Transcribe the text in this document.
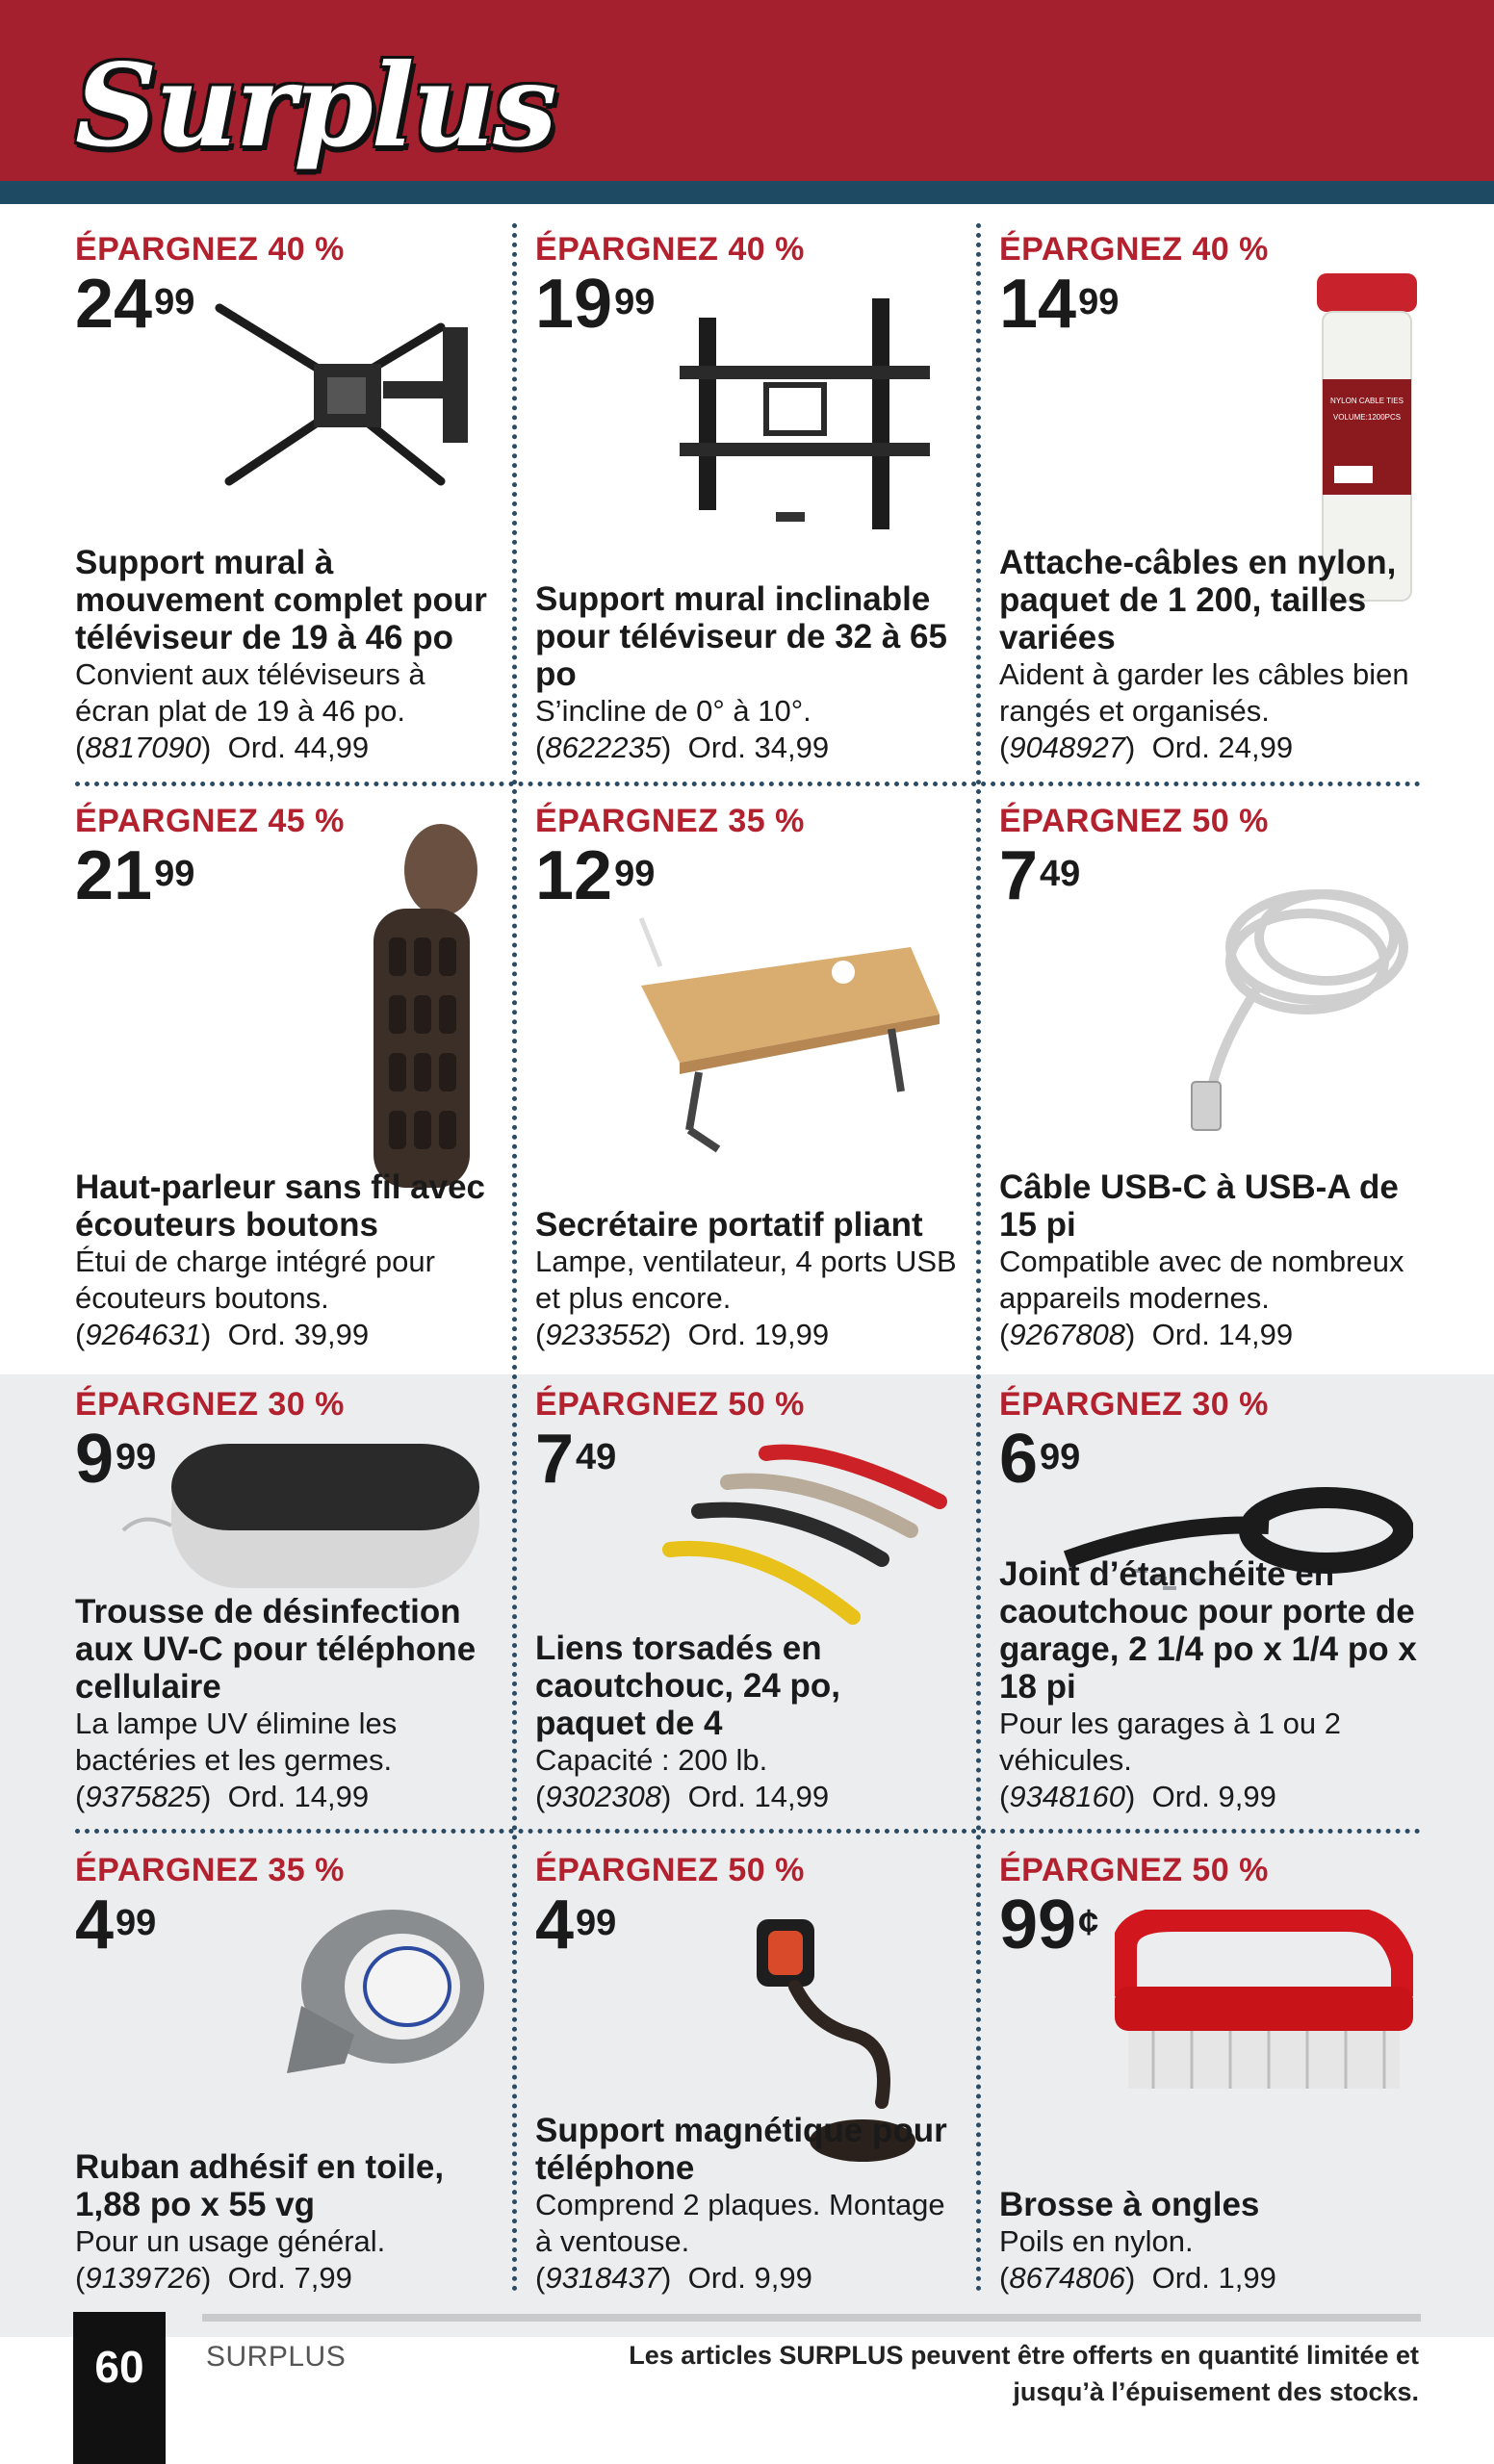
Surplus
ÉPARGNEZ 40 %
$24^{99}$
Support mural à mouvement complet pour téléviseur de 19 à 46 po
Convient aux téléviseurs à écran plat de 19 à 46 po.
(8817090)  Ord. 44,99
ÉPARGNEZ 40 %
$19^{99}$
Support mural inclinable pour téléviseur de 32 à 65 po
S’incline de 0° à 10°.
(8622235)  Ord. 34,99
ÉPARGNEZ 40 %
$14^{99}$
NYLON CABLE TIES
VOLUME:1200PCS
Attache-câbles en nylon, paquet de 1 200, tailles variées
Aident à garder les câbles bien rangés et organisés.
(9048927)  Ord. 24,99
ÉPARGNEZ 45 %
$21^{99}$
Haut-parleur sans fil avec écouteurs boutons
Étui de charge intégré pour écouteurs boutons.
(9264631)  Ord. 39,99
ÉPARGNEZ 35 %
$12^{99}$
Secrétaire portatif pliant
Lampe, ventilateur, 4 ports USB et plus encore.
(9233552)  Ord. 19,99
ÉPARGNEZ 50 %
$7^{49}$
Câble USB-C à USB-A de 15 pi
Compatible avec de nombreux appareils modernes.
(9267808)  Ord. 14,99
ÉPARGNEZ 30 %
$9^{99}$
Trousse de désinfection aux UV-C pour téléphone cellulaire
La lampe UV élimine les bactéries et les germes.
(9375825)  Ord. 14,99
ÉPARGNEZ 50 %
$7^{49}$
Liens torsadés en caoutchouc, 24 po, paquet de 4
Capacité : 200 lb.
(9302308)  Ord. 14,99
ÉPARGNEZ 30 %
$6^{99}$
Joint d’étanchéité en caoutchouc pour porte de garage, 2 1/4 po x 1/4 po x 18 pi
Pour les garages à 1 ou 2 véhicules.
(9348160)  Ord. 9,99
ÉPARGNEZ 35 %
$4^{99}$
Ruban adhésif en toile, 1,88 po x 55 vg
Pour un usage général.
(9139726)  Ord. 7,99
ÉPARGNEZ 50 %
$4^{99}$
Support magnétique pour téléphone
Comprend 2 plaques. Montage à ventouse.
(9318437)  Ord. 9,99
ÉPARGNEZ 50 %
99¢
Brosse à ongles
Poils en nylon.
(8674806)  Ord. 1,99
60	SURPLUS	Les articles SURPLUS peuvent être offerts en quantité limitée et jusqu’à l’épuisement des stocks.
